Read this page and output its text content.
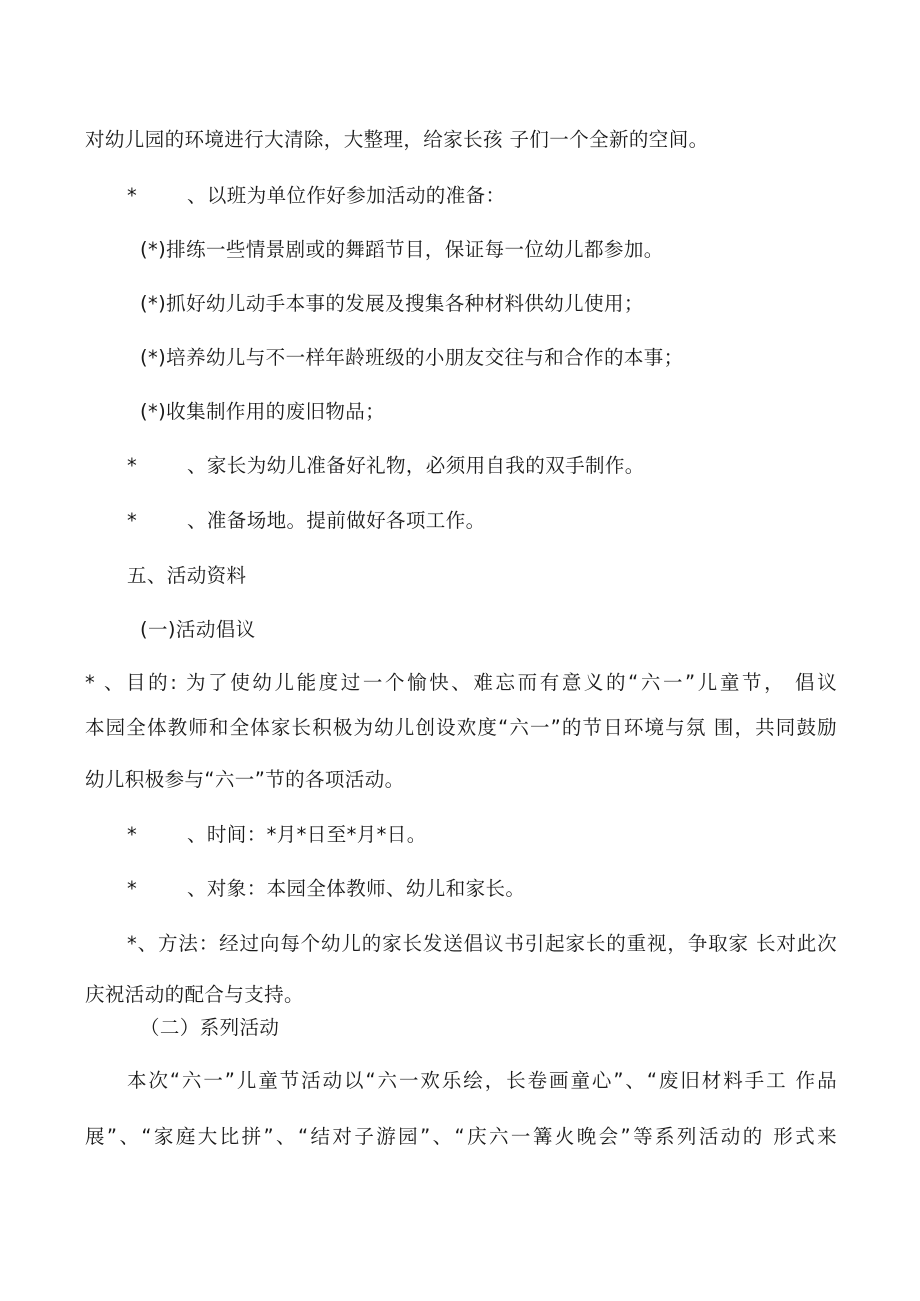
对幼儿园的环境进行大清除，大整理，给家长孩 子们一个全新的空间。
*	、以班为单位作好参加活动的准备：
(*)排练一些情景剧或的舞蹈节目，保证每一位幼儿都参加。
(*)抓好幼儿动手本事的发展及搜集各种材料供幼儿使用；
(*)培养幼儿与不一样年龄班级的小朋友交往与和合作的本事；
(*)收集制作用的废旧物品；
*	、家长为幼儿准备好礼物，必须用自我的双手制作。
*	、准备场地。提前做好各项工作。
五、活动资料
(一)活动倡议
* 、目的: 为了使幼儿能度过一个愉快、难忘而有意义的“六一”儿童节， 倡议
本园全体教师和全体家长积极为幼儿创设欢度“六一”的节日环境与氛 围，共同鼓励
幼儿积极参与“六一”节的各项活动。
*	、时间：*月*日至*月*日。
*	、对象：本园全体教师、幼儿和家长。
*、方法：经过向每个幼儿的家长发送倡议书引起家长的重视，争取家 长对此次
庆祝活动的配合与支持。
（二）系列活动
本次“六一”儿童节活动以“六一欢乐绘，长卷画童心”、“废旧材料手工 作品
展”、“家庭大比拼”、“结对子游园”、“庆六一篝火晚会”等系列活动的 形式来
